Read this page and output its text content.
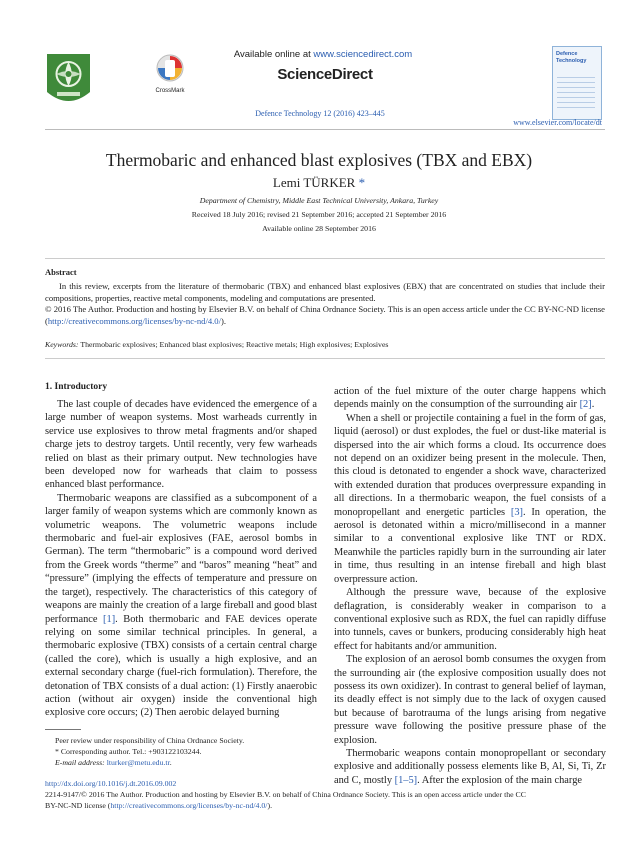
CrossMark
Available online at www.sciencedirect.com
ScienceDirect
Defence Technology 12 (2016) 423–445
Defence Technology
www.elsevier.com/locate/dt
Thermobaric and enhanced blast explosives (TBX and EBX)
Lemi TÜRKER *
Department of Chemistry, Middle East Technical University, Ankara, Turkey
Received 18 July 2016; revised 21 September 2016; accepted 21 September 2016
Available online 28 September 2016
Abstract

In this review, excerpts from the literature of thermobaric (TBX) and enhanced blast explosives (EBX) that are concentrated on studies that include their compositions, properties, reactive metal components, modeling and computations are presented.

© 2016 The Author. Production and hosting by Elsevier B.V. on behalf of China Ordnance Society. This is an open access article under the CC BY-NC-ND license (http://creativecommons.org/licenses/by-nc-nd/4.0/).

Keywords: Thermobaric explosives; Enhanced blast explosives; Reactive metals; High explosives; Explosives
1. Introductory

The last couple of decades have evidenced the emergence of a large number of weapon systems. Most warheads currently in service use explosives to throw metal fragments and/or shaped charge jets to destroy targets. Until recently, very few warheads relied on blast as their primary output. New technologies have been developed now for warheads that claim to possess enhanced blast performance.

Thermobaric weapons are classified as a subcomponent of a larger family of weapon systems which are commonly known as volumetric weapons. The volumetric weapons include thermobaric and fuel-air explosives (FAE, aerosol bombs in German). The term “thermobaric” is a compound word derived from the Greek words “therme” and “baros” meaning “heat” and “pressure” (implying the effects of temperature and pressure on the target), respectively. The characteristics of this category of weapons are mainly the creation of a large fireball and good blast performance [1]. Both thermobaric and FAE devices operate relying on some similar technical principles. In general, a thermobaric explosive (TBX) consists of a certain central charge (called the core), which is usually a high explosive, and an external secondary charge (fuel-rich formulation). Therefore, the detonation of TBX consists of a dual action: (1) Firstly anaerobic action (without air oxygen) inside the conventional high explosive core occurs; (2) Then aerobic delayed burning

action of the fuel mixture of the outer charge happens which depends mainly on the consumption of the surrounding air [2].

When a shell or projectile containing a fuel in the form of gas, liquid (aerosol) or dust explodes, the fuel or dust-like material is dispersed into the air which forms a cloud. Its occurrence does not depend on an oxidizer being present in the molecule. Then, this cloud is detonated to engender a shock wave, characterized with extended duration that produces overpressure expanding in all directions. In a thermobaric weapon, the fuel consists of a monopropellant and energetic particles [3]. In operation, the aerosol is detonated within a micro/millisecond in a manner similar to a conventional explosive like TNT or RDX. Meanwhile the particles rapidly burn in the surrounding air later in time, thus resulting in an intense fireball and high blast overpressure action.

Although the pressure wave, because of the explosive deflagration, is considerably weaker in comparison to a conventional explosive such as RDX, the fuel can rapidly diffuse into tunnels, caves or bunkers, producing considerably high heat effect for habitants and/or ammunition.

The explosion of an aerosol bomb consumes the oxygen from the surrounding air (the explosive composition usually does not possess its own oxidizer). In contrast to general belief of layman, its deadly effect is not simply due to the lack of oxygen caused but because of barotrauma of the lungs arising from negative pressure wave following the positive pressure phase of the explosion.

Thermobaric weapons contain monopropellant or secondary explosive and additionally possess elements like B, Al, Si, Ti, Zr and C, mostly [1–5]. After the explosion of the main charge

Peer review under responsibility of China Ordnance Society.
* Corresponding author. Tel.: +903122103244.
E-mail address: lturker@metu.edu.tr.
http://dx.doi.org/10.1016/j.dt.2016.09.002
2214-9147/© 2016 The Author. Production and hosting by Elsevier B.V. on behalf of China Ordnance Society. This is an open access article under the CC
BY-NC-ND license (http://creativecommons.org/licenses/by-nc-nd/4.0/).
